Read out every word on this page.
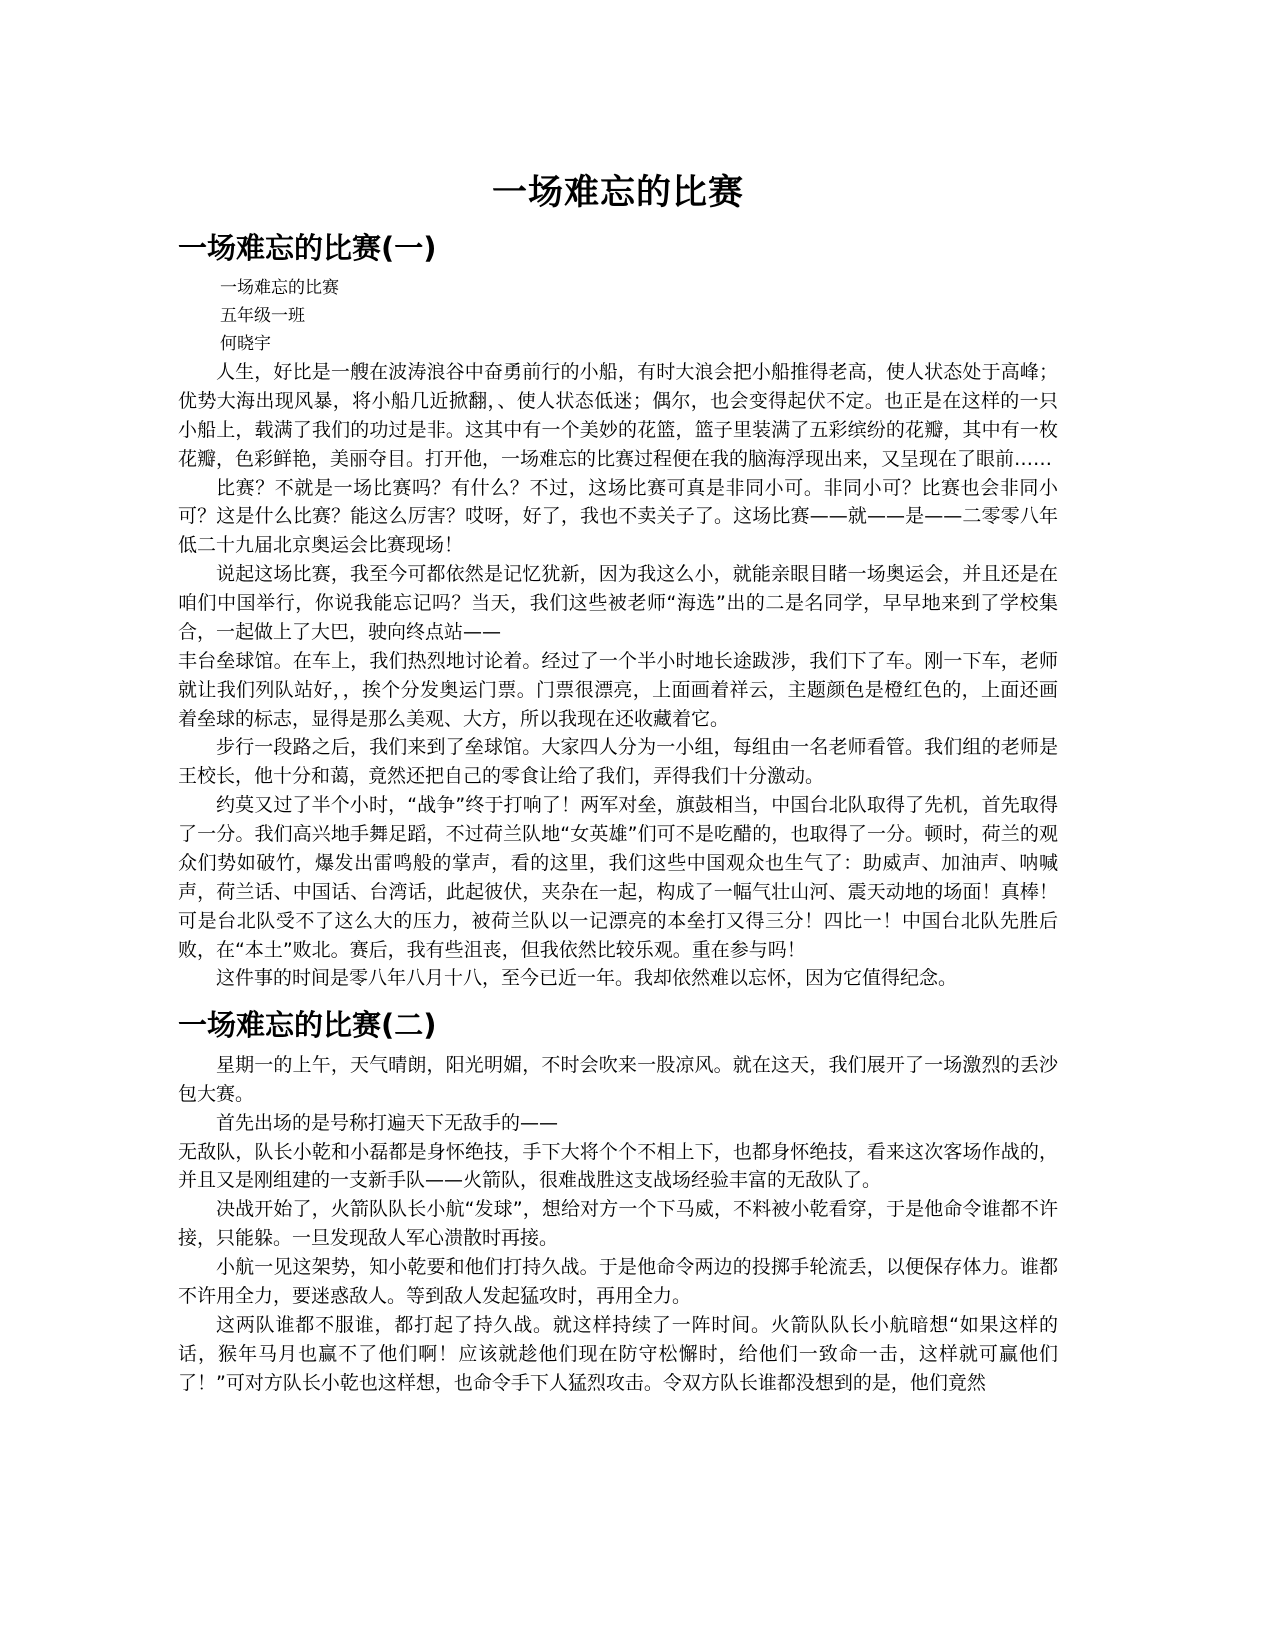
一场难忘的比赛
一场难忘的比赛(一)
一场难忘的比赛
五年级一班
何晓宇

人生，好比是一艘在波涛浪谷中奋勇前行的小船，有时大浪会把小船推得老高，使人状态处于高峰；优势大海出现风暴，将小船几近掀翻，、使人状态低迷；偶尔，也会变得起伏不定。也正是在这样的一只小船上，载满了我们的功过是非。这其中有一个美妙的花篮，篮子里装满了五彩缤纷的花瓣，其中有一枚花瓣，色彩鲜艳，美丽夺目。打开他，一场难忘的比赛过程便在我的脑海浮现出来，又呈现在了眼前……

比赛？不就是一场比赛吗？有什么？不过，这场比赛可真是非同小可。非同小可？比赛也会非同小可？这是什么比赛？能这么厉害？哎呀，好了，我也不卖关子了。这场比赛——就——是——二零零八年低二十九届北京奥运会比赛现场！

说起这场比赛，我至今可都依然是记忆犹新，因为我这么小，就能亲眼目睹一场奥运会，并且还是在咱们中国举行，你说我能忘记吗？当天，我们这些被老师“海选”出的二是名同学，早早地来到了学校集合，一起做上了大巴，驶向终点站——

丰台垒球馆。在车上，我们热烈地讨论着。经过了一个半小时地长途跋涉，我们下了车。刚一下车，老师就让我们列队站好，，挨个分发奥运门票。门票很漂亮，上面画着祥云，主题颜色是橙红色的，上面还画着垒球的标志，显得是那么美观、大方，所以我现在还收藏着它。

步行一段路之后，我们来到了垒球馆。大家四人分为一小组，每组由一名老师看管。我们组的老师是王校长，他十分和蔼，竟然还把自己的零食让给了我们，弄得我们十分激动。

约莫又过了半个小时，“战争”终于打响了！两军对垒，旗鼓相当，中国台北队取得了先机，首先取得了一分。我们高兴地手舞足蹈，不过荷兰队地“女英雄”们可不是吃醋的，也取得了一分。顿时，荷兰的观众们势如破竹，爆发出雷鸣般的掌声，看的这里，我们这些中国观众也生气了：助威声、加油声、呐喊声，荷兰话、中国话、台湾话，此起彼伏，夹杂在一起，构成了一幅气壮山河、震天动地的场面！真棒！可是台北队受不了这么大的压力，被荷兰队以一记漂亮的本垒打又得三分！四比一！中国台北队先胜后败，在“本土”败北。赛后，我有些沮丧，但我依然比较乐观。重在参与吗！

这件事的时间是零八年八月十八，至今已近一年。我却依然难以忘怀，因为它值得纪念。

一场难忘的比赛(二)

星期一的上午，天气晴朗，阳光明媚，不时会吹来一股凉风。就在这天，我们展开了一场激烈的丢沙包大赛。

首先出场的是号称打遍天下无敌手的——

无敌队，队长小乾和小磊都是身怀绝技，手下大将个个不相上下，也都身怀绝技，看来这次客场作战的，并且又是刚组建的一支新手队——火箭队，很难战胜这支战场经验丰富的无敌队了。

决战开始了，火箭队队长小航“发球”，想给对方一个下马威，不料被小乾看穿，于是他命令谁都不许接，只能躲。一旦发现敌人军心溃散时再接。

小航一见这架势，知小乾要和他们打持久战。于是他命令两边的投掷手轮流丢，以便保存体力。谁都不许用全力，要迷惑敌人。等到敌人发起猛攻时，再用全力。

这两队谁都不服谁，都打起了持久战。就这样持续了一阵时间。火箭队队长小航暗想“如果这样的话，猴年马月也赢不了他们啊！应该就趁他们现在防守松懈时，给他们一致命一击，这样就可赢他们了！”可对方队长小乾也这样想，也命令手下人猛烈攻击。令双方队长谁都没想到的是，他们竟然
